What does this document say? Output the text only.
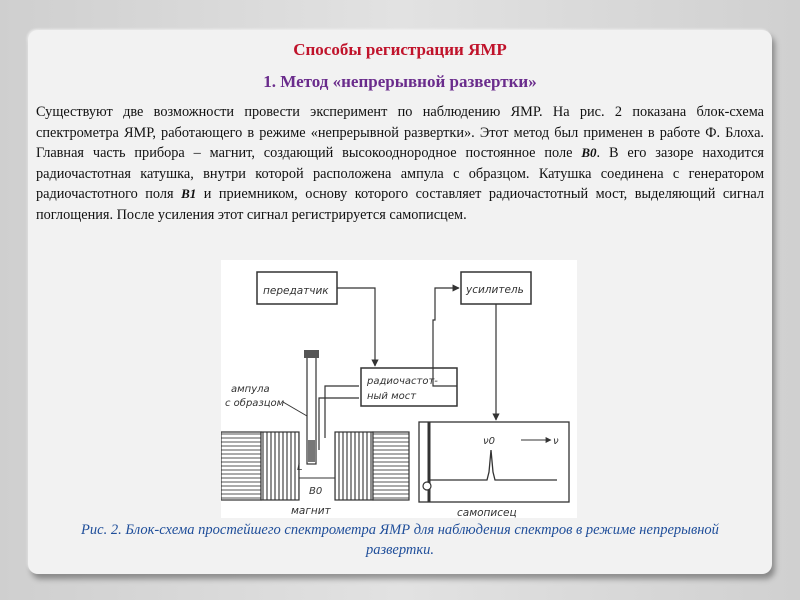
Способы регистрации ЯМР
1. Метод «непрерывной развертки»
Существуют две возможности провести эксперимент по наблюдению ЯМР. На рис. 2 показана блок-схема спектрометра ЯМР, работающего в режиме «непрерывной развертки». Этот метод был применен в работе Ф. Блоха. Главная часть прибора – магнит, создающий высокооднородное постоянное поле B0. В его зазоре находится радиочастотная катушка, внутри которой расположена ампула с образцом. Катушка соединена с генератором радиочастотного поля B1 и приемником, основу которого составляет радиочастотный мост, выделяющий сигнал поглощения. После усиления этот сигнал регистрируется самописцем.
передатчик	усилитель
радиочастот-
ный мост
ампула
с образцом
L
B0
магнит
ν0	ν
самописец
Рис. 2. Блок-схема простейшего спектрометра ЯМР для наблюдения спектров в режиме непрерывной развертки.
